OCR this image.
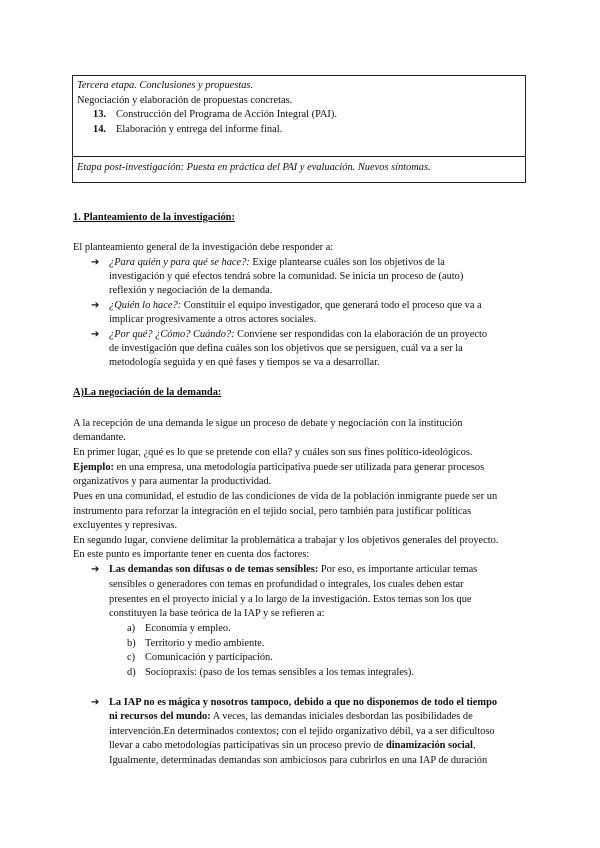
Tercera etapa. Conclusiones y propuestas.
Negociación y elaboración de propuestas concretas.
13. Construcción del Programa de Acción Integral (PAI).
14. Elaboración y entrega del informe final.
Etapa post-investigación: Puesta en práctica del PAI y evaluación. Nuevos síntomas.
1. Planteamiento de la investigación:
El planteamiento general de la investigación debe responder a:
➔ ¿Para quién y para qué se hace?: Exige plantearse cuáles son los objetivos de la
investigación y qué efectos tendrá sobre la comunidad. Se inicia un proceso de (auto)
reflexión y negociación de la demanda.
➔ ¿Quién lo hace?: Constituir el equipo investigador, que generará todo el proceso que va a
implicar progresivamente a otros actores sociales.
➔ ¿Por qué? ¿Cómo? Cuándo?: Conviene ser respondidas con la elaboración de un proyecto
de investigación que defina cuáles son los objetivos que se persiguen, cuál va a ser la
metodología seguida y en qué fases y tiempos se va a desarrollar.
A)La negociación de la demanda:
A la recepción de una demanda le sigue un proceso de debate y negociación con la institución
demandante.
En primer lugar, ¿qué es lo que se pretende con ella? y cuáles son sus fines político-ideológicos.
Ejemplo: en una empresa, una metodología participativa puede ser utilizada para generar procesos
organizativos y para aumentar la productividad.
Pues en una comunidad, el estudio de las condiciones de vida de la población inmigrante puede ser un
instrumento para reforzar la integración en el tejido social, pero también para justificar políticas
excluyentes y represivas.
En segundo lugar, conviene delimitar la problemática a trabajar y los objetivos generales del proyecto.
En este punto es importante tener en cuenta dos factores:
➔ Las demandas son difusas o de temas sensibles: Por eso, es importante articular temas
sensibles o generadores con temas en profundidad o integrales, los cuales deben estar
presentes en el proyecto inicial y a lo largo de la investigación. Estos temas son los que
constituyen la base teórica de la IAP y se refieren a:
a) Economía y empleo.
b) Territorio y medio ambiente.
c) Comunicación y participación.
d) Sociopraxis: (paso de los temas sensibles a los temas integrales).
➔ La IAP no es mágica y nosotros tampoco, debido a que no disponemos de todo el tiempo
ni recursos del mundo: A veces, las demandas iniciales desbordan las posibilidades de
intervención.En determinados contextos; con el tejido organizativo débil, va a ser dificultoso
llevar a cabo metodologías participativas sin un proceso previo de dinamización social,
Igualmente, determinadas demandas son ambiciosos para cubrirlos en una IAP de duración
